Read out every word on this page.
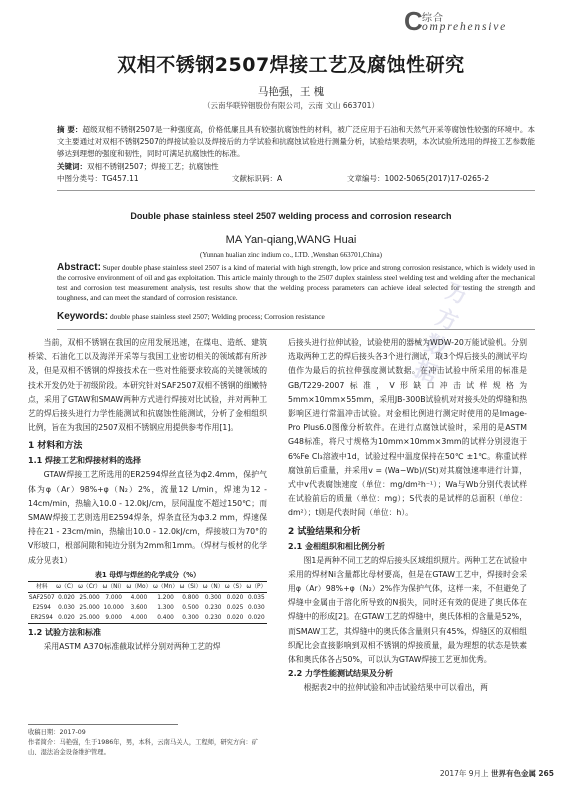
C 综合
omprehensive
双相不锈钢2507焊接工艺及腐蚀性研究
马艳强，王 槐
（云南华联锌铟股份有限公司，云南 文山 663701）
摘 要：超级双相不锈钢2507是一种强度高，价格低廉且具有较强抗腐蚀性的材料，被广泛应用于石油和天然气开采等腐蚀性较强的环境中。本文主要通过对双相不锈钢2507的焊接试验以及焊接后的力学试验和抗腐蚀试验进行测量分析，试验结果表明，本次试验所选用的焊接工艺参数能够达到理想的强度和韧性，同时可满足抗腐蚀性的标准。
关键词：双相不锈钢2507；焊接工艺；抗腐蚀性
中图分类号：TG457.11	文献标识码：A	文章编号：1002-5065(2017)17-0265-2
Double phase stainless steel 2507 welding process and corrosion research
MA Yan-qiang,WANG Huai
(Yunnan hualian zinc indium co., LTD. ,Wenshan 663701,China)
Abstract: Super double phase stainless steel 2507 is a kind of material with high strength, low price and strong corrosion resistance, which is widely used in the corrosive environment of oil and gas exploitation. This article mainly through to the 2507 duplex stainless steel welding test and welding after the mechanical test and corrosion test measurement analysis, test results show that the welding process parameters can achieve ideal selected for testing the strength and toughness, and can meet the standard of corrosion resistance.
Keywords: double phase stainless steel 2507; Welding process; Corrosion resistance	万方数据

当前，双相不锈钢在我国的应用发展迅速，在煤电、造纸、建筑桥梁、石油化工以及海洋开采等与我国工业密切相关的领域都有所涉及，但是双相不锈钢的焊接技术在一些对性能要求较高的关键领域的技术开发仍处于初级阶段。本研究针对SAF2507双相不锈钢的细嫩特点，采用了GTAW和SMAW两种方式进行焊接对比试验，并对两种工艺的焊后接头进行力学性能测试和抗腐蚀性能测试，分析了金相组织比例，旨在为我国的2507双相不锈钢应用提供参考作用[1]。

1 材料和方法
1.1 焊接工艺和焊接材料的选择

GTAW焊接工艺所选用的ER2594焊丝直径为ф2.4mm，保护气体为φ（Ar）98%+φ（N₂）2%，流量12 L/min，焊速为12 - 14cm/min，热输入10.0 - 12.0kJ/cm，层间温度不超过150℃；而SMAW焊接工艺则选用E2594焊条，焊条直径为ф3.2 mm，焊速保持在21 - 23cm/min，热输出10.0 - 12.0kJ/cm，焊接坡口为70°的V形坡口，根部间隙和钝边分别为2mm和1mm。（焊材与板材的化学成分见表1）

表1 母焊与焊丝的化学成分（%）
材料	ω（C）	ω（Cr）	ω（Ni）	ω（Mo）	ω（Mn）	ω（Si）	ω（N）	ω（S）	ω（P）
SAF2507	0.020	25.000	7.000	4.000	1.200	0.800	0.300	0.020	0.035
E2594	0.030	25.000	10.000	3.600	1.300	0.500	0.230	0.025	0.030
ER2594	0.020	25.000	9.000	4.000	0.400	0.300	0.230	0.020	0.020
1.2 试验方法和标准

采用ASTM A370标准截取试样分别对两种工艺的焊

收稿日期：2017-09
作者简介：马艳强，生于1986年，男，本科，云南马关人，工程师，研究方向：矿山、湿法冶金设备维护管理。

后接头进行拉伸试验，试验使用的器械为WDW-20万能试验机。分别选取两种工艺的焊后接头各3个进行测试，取3个焊后接头的测试平均值作为最后的抗拉伸强度测试数据。在冲击试验中所采用的标准是GB/T229-2007标准，V形缺口冲击试样规格为5mm×10mm×55mm，采用JB-300B试验机对对接头处的焊缝和热影响区进行常温冲击试验。对金相比例进行测定时使用的是Image-Pro Plus6.0图像分析软件。在进行点腐蚀试验时，采用的是ASTM G48标准，将尺寸规格为10mm×10mm×3mm的试样分别浸泡于6%Fe Cl₃溶液中1d，试验过程中温度保持在50℃ ±1℃。称重试样腐蚀前后重量，并采用v = (Wa−Wb)/(St)对其腐蚀速率进行计算，式中v代表腐蚀速度（单位：mg/dm²h⁻¹）；Wa与Wb分别代表试样在试验前后的质量（单位：mg）；S代表的是试样的总面积（单位：dm²）；t则是代表时间（单位：h）。

2 试验结果和分析
2.1 金相组织和相比例分析

图1是两种不同工艺的焊后接头区域组织照片。两种工艺在试验中采用的焊材Ni含量都比母材要高，但是在GTAW工艺中，焊接时会采用φ（Ar）98%+φ（N₂）2%作为保护气体，这样一来，不但避免了焊缝中金属由于溶化所导致的N损失，同时还有效的促进了奥氏体在焊缝中的形成[2]。在GTAW工艺的焊缝中，奥氏体相的含量是52%，而SMAW工艺，其焊缝中的奥氏体含量则只有45%，焊缝区的双相组织配比会直接影响到双相不锈钢的焊接质量，最为理想的状态是铁素体和奥氏体各占50%，可以认为GTAW焊接工艺更加优秀。

2.2 力学性能测试结果及分析

根据表2中的拉伸试验和冲击试验结果中可以看出，两

2017年 9月上 世界有色金属 265
